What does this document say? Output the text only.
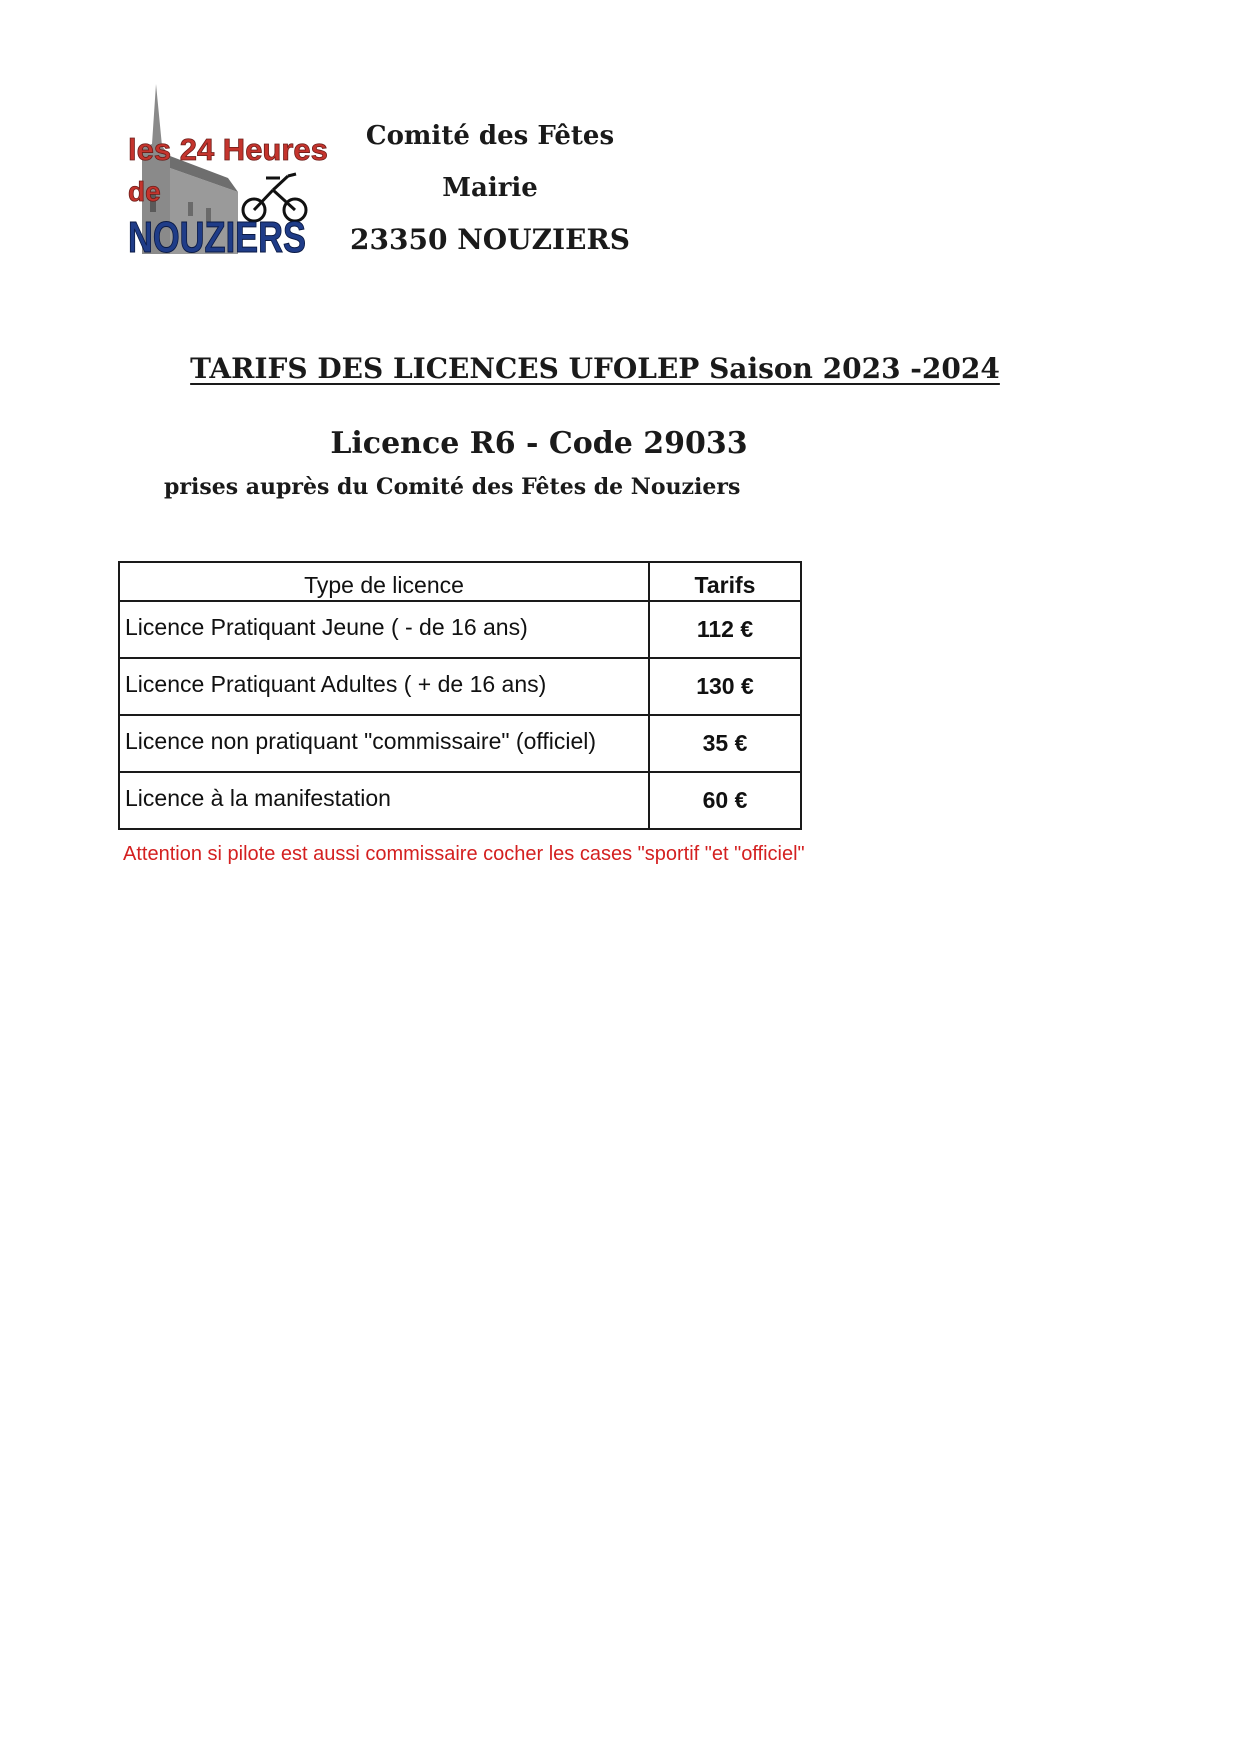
les 24 Heures
de
NOUZIERS
Comité des Fêtes
Mairie
23350 NOUZIERS
TARIFS DES LICENCES UFOLEP Saison 2023 -2024
Licence R6 - Code 29033
prises auprès du Comité des Fêtes de Nouziers
Type de licence	Tarifs
Licence Pratiquant Jeune ( - de 16 ans)	112 €
Licence Pratiquant Adultes ( + de 16 ans)	130 €
Licence non pratiquant "commissaire" (officiel)	35 €
Licence à la manifestation	60 €
Attention si pilote est aussi commissaire cocher les cases "sportif "et "officiel"
